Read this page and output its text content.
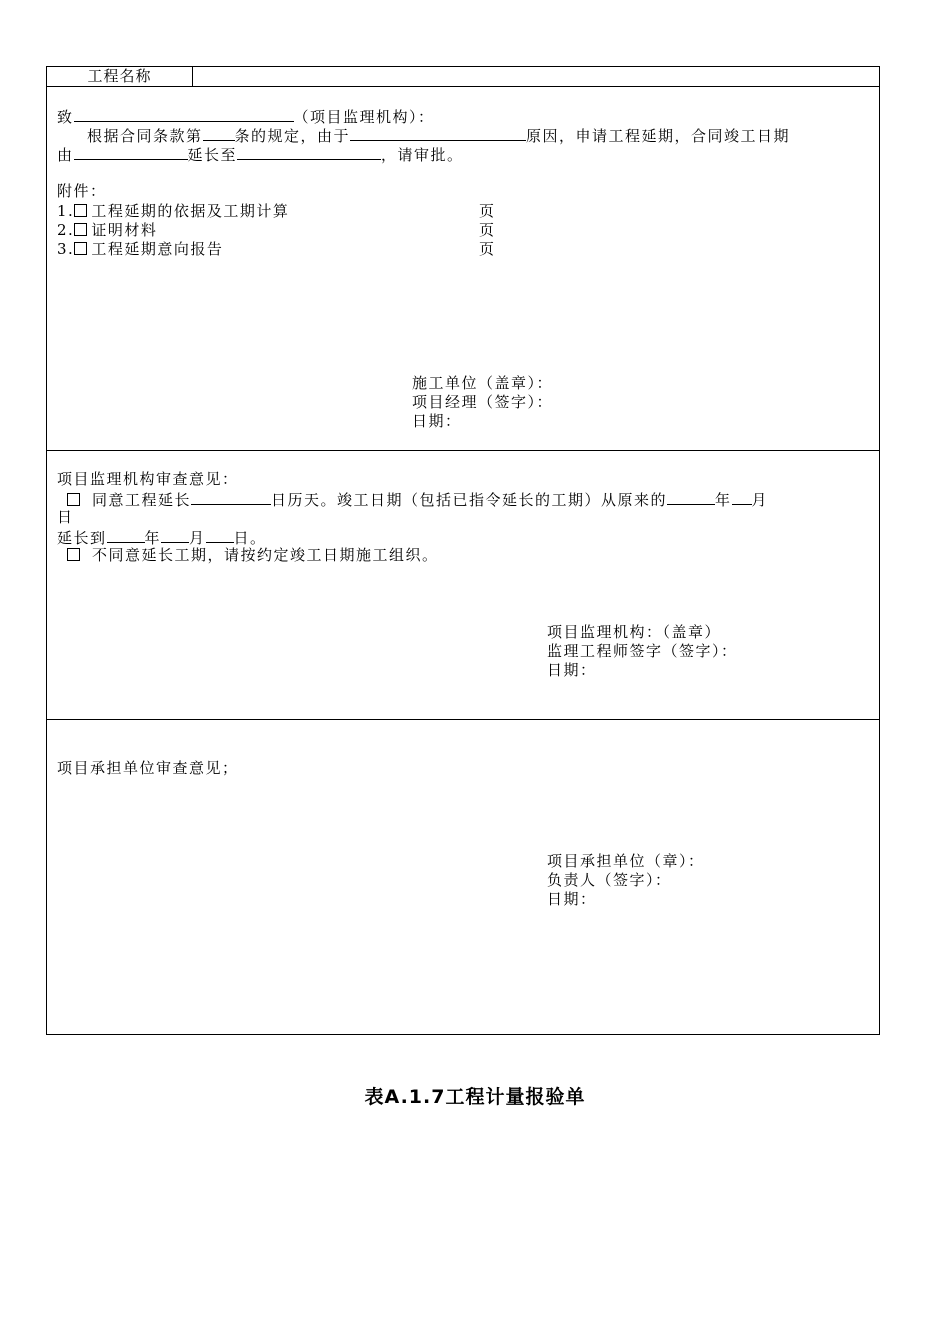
工程名称
致	（项目监理机构）：
根据合同条款第 条的规定，由于	原因，申请工程延期，合同竣工日期
由	延长至	，请审批。
附件：
1. 工程延期的依据及工期计算	页
2. 证明材料	页
3. 工程延期意向报告	页
施工单位（盖章）：
项目经理（签字）：
日期：
项目监理机构审查意见：
同意工程延长	日历天。竣工日期（包括已指令延长的工期）从原来的	年 月
日
延长到	年 月 日。
不同意延长工期，请按约定竣工日期施工组织。
项目监理机构：（盖章）
监理工程师签字（签字）：
日期：
项目承担单位审查意见；
项目承担单位（章）：
负责人（签字）：
日期：
表A.1.7工程计量报验单
